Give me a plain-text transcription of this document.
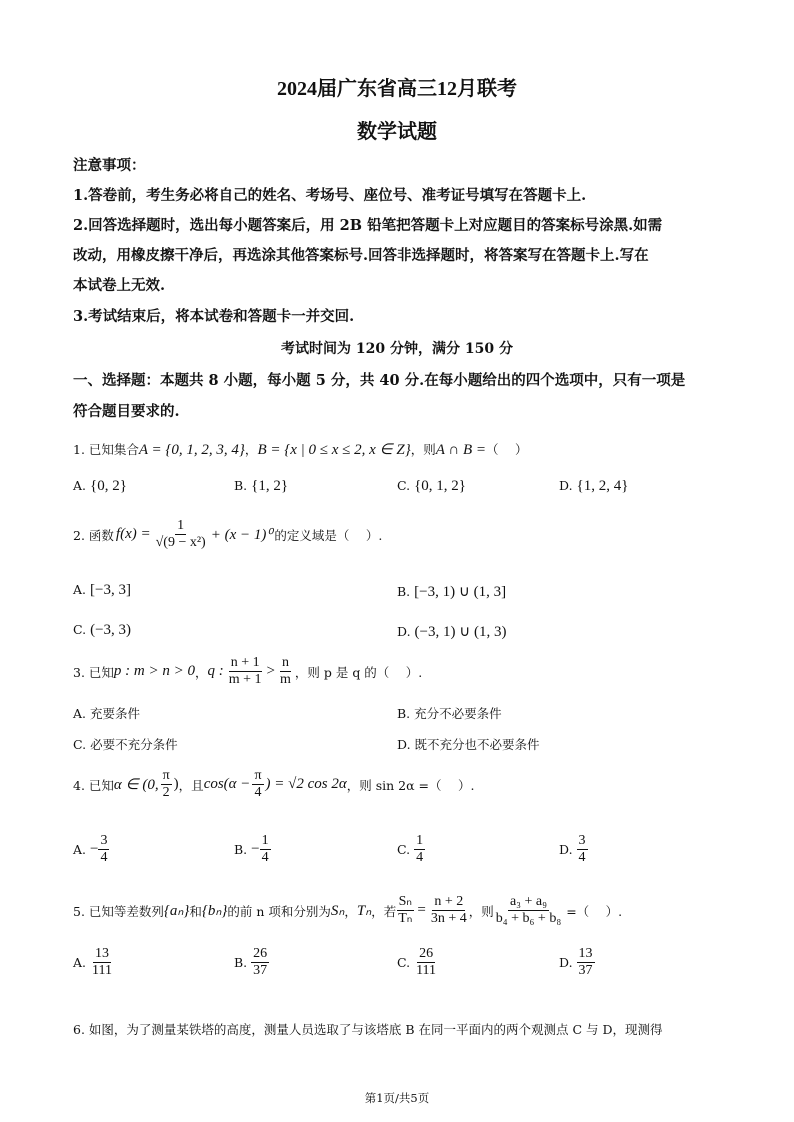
2024届广东省高三12月联考
数学试题
注意事项：
1.答卷前，考生务必将自己的姓名、考场号、座位号、准考证号填写在答题卡上.
2.回答选择题时，选出每小题答案后，用 2B 铅笔把答题卡上对应题目的答案标号涂黑.如需
改动，用橡皮擦干净后，再选涂其他答案标号.回答非选择题时，将答案写在答题卡上.写在
本试卷上无效.
3.考试结束后，将本试卷和答题卡一并交回.
考试时间为 120 分钟，满分 150 分
一、选择题：本题共 8 小题，每小题 5 分，共 40 分.在每小题给出的四个选项中，只有一项是
符合题目要求的.
1. 已知集合A = {0, 1, 2, 3, 4}，B = {x | 0 ≤ x ≤ 2, x ∈ Z}，则A ∩ B =（　 ）
A. {0, 2}	B. {1, 2}	C. {0, 1, 2}	D. {1, 2, 4}
2. 函数 $f(x) = \frac{1}{\text{√(9 − x²)}} + (x - 1)^0$ 的定义域是（　 ）.
A. [−3, 3]	B. [−3, 1) ∪ (1, 3]
C. (−3, 3)	D. (−3, 1) ∪ (1, 3)
3. 已知 p : m > n > 0 ， q : $\frac{n + 1}{m + 1} > \frac{n}{m}$ ，则 p 是 q 的（　 ）.
A. 充要条件	B. 充分不必要条件
C. 必要不充分条件	D. 既不充分也不必要条件
4. 已知 α ∈ (0, $\frac{\pi}{2}$ ) ，且 $\cos(\alpha - \frac{\pi}{4}$ ) = √2 cos 2α ，则 sin 2α =（　 ）.
A.
− $\frac{3}{4}$	B.
− $\frac{1}{4}$	C.
$\frac{1}{4}$	D.
$\frac{3}{4}$
5. 已知等差数列 {aₙ} 和 {bₙ} 的前 n 项和分别为 Sₙ ， Tₙ ，若 $\frac{\text{Sₙ}}{\text{Tₙ}} = \frac{n + 2}{3n + 4}$ ，则 $\frac{\text{a₃ + a₉}}{\text{b₄ + b₆ + b₈}}$ =（　 ）.
A.
$\frac{13}{111}$	B.
$\frac{26}{37}$	C.
$\frac{26}{111}$	D.
$\frac{13}{37}$
6. 如图，为了测量某铁塔的高度，测量人员选取了与该塔底 B 在同一平面内的两个观测点 C 与 D，现测得
第1页/共5页
